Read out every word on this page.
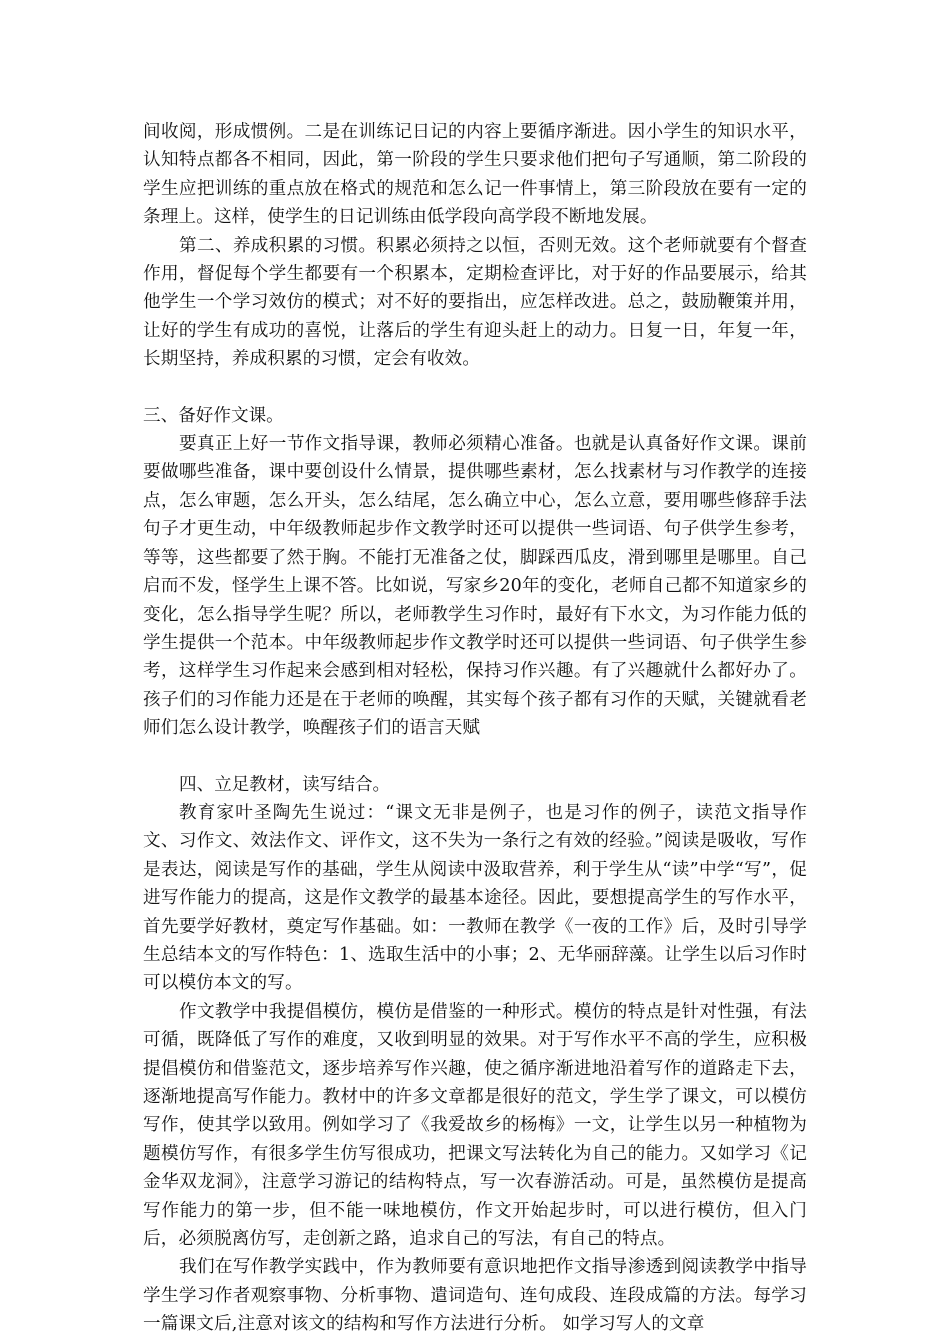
间收阅，形成惯例。二是在训练记日记的内容上要循序渐进。因小学生的知识水平，认知特点都各不相同，因此，第一阶段的学生只要求他们把句子写通顺，第二阶段的学生应把训练的重点放在格式的规范和怎么记一件事情上，第三阶段放在要有一定的条理上。这样，使学生的日记训练由低学段向高学段不断地发展。

第二、养成积累的习惯。积累必须持之以恒，否则无效。这个老师就要有个督查作用，督促每个学生都要有一个积累本，定期检查评比，对于好的作品要展示，给其他学生一个学习效仿的模式；对不好的要指出，应怎样改进。总之，鼓励鞭策并用，让好的学生有成功的喜悦，让落后的学生有迎头赶上的动力。日复一日，年复一年，长期坚持，养成积累的习惯，定会有收效。

三、备好作文课。

要真正上好一节作文指导课，教师必须精心准备。也就是认真备好作文课。课前要做哪些准备，课中要创设什么情景，提供哪些素材，怎么找素材与习作教学的连接点，怎么审题，怎么开头，怎么结尾，怎么确立中心，怎么立意，要用哪些修辞手法句子才更生动，中年级教师起步作文教学时还可以提供一些词语、句子供学生参考，等等，这些都要了然于胸。不能打无准备之仗，脚踩西瓜皮，滑到哪里是哪里。自己启而不发，怪学生上课不答。比如说，写家乡20年的变化，老师自己都不知道家乡的变化，怎么指导学生呢？所以，老师教学生习作时，最好有下水文，为习作能力低的学生提供一个范本。中年级教师起步作文教学时还可以提供一些词语、句子供学生参考，这样学生习作起来会感到相对轻松，保持习作兴趣。有了兴趣就什么都好办了。孩子们的习作能力还是在于老师的唤醒，其实每个孩子都有习作的天赋，关键就看老师们怎么设计教学，唤醒孩子们的语言天赋

四、立足教材，读写结合。

教育家叶圣陶先生说过：“课文无非是例子，也是习作的例子，读范文指导作文、习作文、效法作文、评作文，这不失为一条行之有效的经验。”阅读是吸收，写作是表达，阅读是写作的基础，学生从阅读中汲取营养，利于学生从“读”中学“写”，促进写作能力的提高，这是作文教学的最基本途径。因此，要想提高学生的写作水平，首先要学好教材，奠定写作基础。如：一教师在教学《一夜的工作》后，及时引导学生总结本文的写作特色：1、选取生活中的小事；2、无华丽辞藻。让学生以后习作时可以模仿本文的写。

作文教学中我提倡模仿，模仿是借鉴的一种形式。模仿的特点是针对性强，有法可循，既降低了写作的难度，又收到明显的效果。对于写作水平不高的学生，应积极提倡模仿和借鉴范文，逐步培养写作兴趣，使之循序渐进地沿着写作的道路走下去，逐渐地提高写作能力。教材中的许多文章都是很好的范文，学生学了课文，可以模仿写作，使其学以致用。例如学习了《我爱故乡的杨梅》一文，让学生以另一种植物为题模仿写作，有很多学生仿写很成功，把课文写法转化为自己的能力。又如学习《记金华双龙洞》，注意学习游记的结构特点，写一次春游活动。可是，虽然模仿是提高写作能力的第一步，但不能一味地模仿，作文开始起步时，可以进行模仿，但入门后，必须脱离仿写，走创新之路，追求自己的写法，有自己的特点。

我们在写作教学实践中，作为教师要有意识地把作文指导渗透到阅读教学中指导学生学习作者观察事物、分析事物、遣词造句、连句成段、连段成篇的方法。每学习一篇课文后,注意对该文的结构和写作方法进行分析。 如学习写人的文章
